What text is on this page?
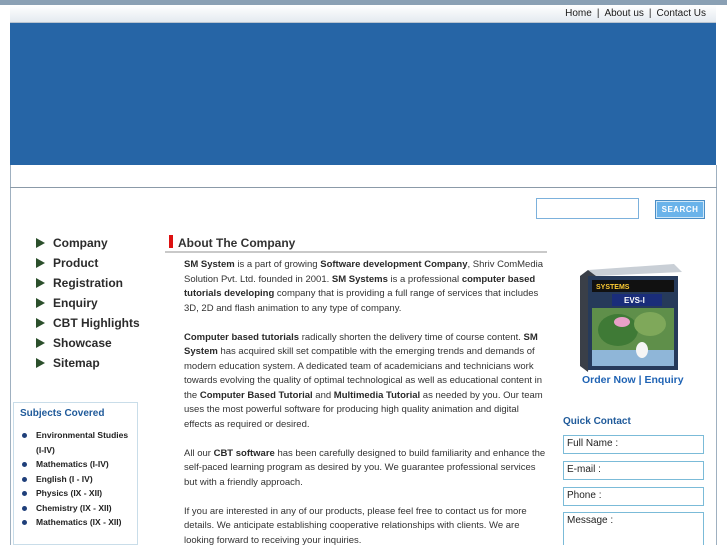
Home | About us | Contact Us
SEARCH
Company
Product
Registration
Enquiry
CBT Highlights
Showcase
Sitemap
Subjects Covered
Environmental Studies (I-IV)
Mathematics (I-IV)
English (I - IV)
Physics (IX - XII)
Chemistry (IX - XII)
Mathematics (IX - XII)
About The Company

SM System is a part of growing Software development Company, Shriv ComMedia Solution Pvt. Ltd. founded in 2001. SM Systems is a professional computer based tutorials developing company that is providing a full range of services that includes 3D, 2D and flash animation to any type of company.

Computer based tutorials radically shorten the delivery time of course content. SM System has acquired skill set compatible with the emerging trends and demands of modern education system. A dedicated team of academicians and technicians work towards evolving the quality of optimal technological as well as educational content in the Computer Based Tutorial and Multimedia Tutorial as needed by you. Our team uses the most powerful software for producing high quality animation and digital effects as required or desired.

All our CBT software has been carefully designed to build familiarity and enhance the self-paced learning program as desired by you. We guarantee professional services but with a friendly approach.

If you are interested in any of our products, please feel free to contact us for more details. We anticipate establishing cooperative relationships with clients. We are looking forward to receiving your inquiries.

SYSTEMS
EVS-I
Order Now | Enquiry
Quick Contact
Full Name :
E-mail :
Phone :
Message :
